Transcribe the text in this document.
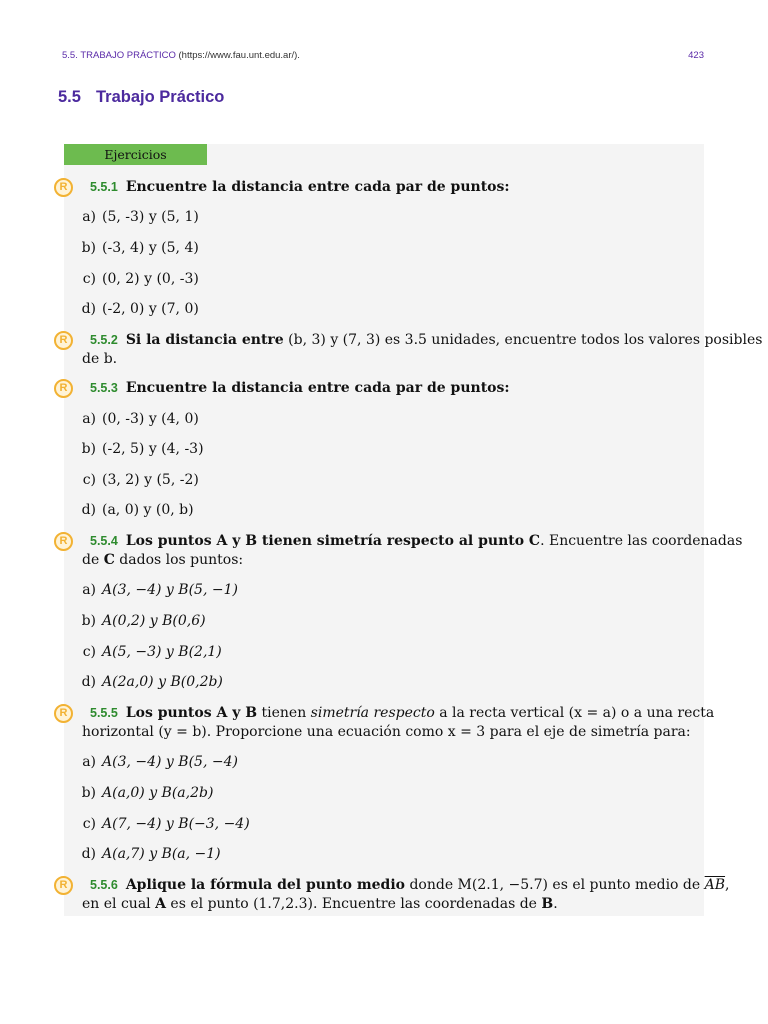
5.5. TRABAJO PRÁCTICO (https://www.fau.unt.edu.ar/).	423
5.5 Trabajo Práctico
Ejercicios
R	5.5.1 Encuentre la distancia entre cada par de puntos:
a) (5, -3) y (5, 1)
b) (-3, 4) y (5, 4)
c) (0, 2) y (0, -3)
d) (-2, 0) y (7, 0)
R	5.5.2 Si la distancia entre (b, 3) y (7, 3) es 3.5 unidades, encuentre todos los valores posibles
de b.
R	5.5.3 Encuentre la distancia entre cada par de puntos:
a) (0, -3) y (4, 0)
b) (-2, 5) y (4, -3)
c) (3, 2) y (5, -2)
d) (a, 0) y (0, b)
R	5.5.4 Los puntos A y B tienen simetría respecto al punto C. Encuentre las coordenadas
de C dados los puntos:
a) A(3, −4) y B(5, −1)
b) A(0,2) y B(0,6)
c) A(5, −3) y B(2,1)
d) A(2a,0) y B(0,2b)
R	5.5.5 Los puntos A y B tienen simetría respecto a la recta vertical (x = a) o a una recta
horizontal (y = b). Proporcione una ecuación como x = 3 para el eje de simetría para:
a) A(3, −4) y B(5, −4)
b) A(a,0) y B(a,2b)
c) A(7, −4) y B(−3, −4)
d) A(a,7) y B(a, −1)
R	5.5.6 Aplique la fórmula del punto medio donde M(2.1, −5.7) es el punto medio de $\overline{AB}$,
en el cual A es el punto (1.7,2.3). Encuentre las coordenadas de B.
